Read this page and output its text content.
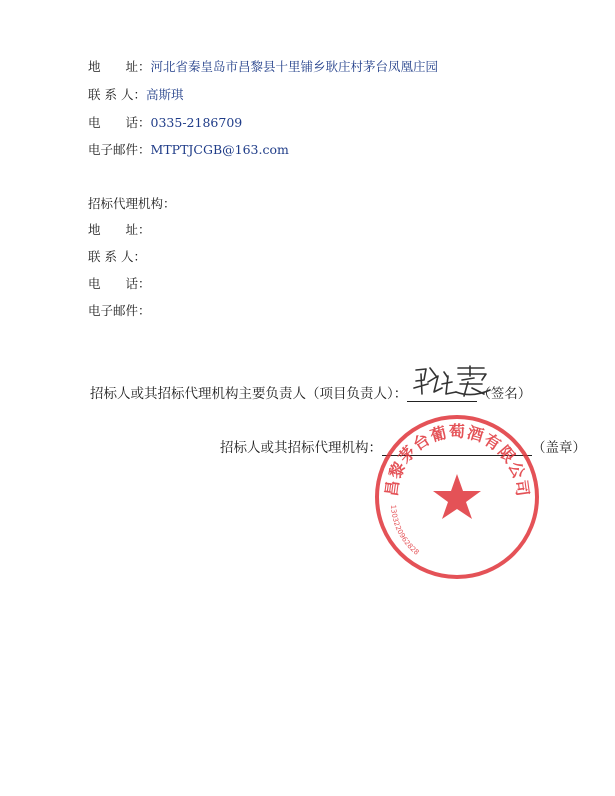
地　　址：河北省秦皇岛市昌黎县十里铺乡耿庄村茅台凤凰庄园
联 系 人：高斯琪
电　　话：0335-2186709
电子邮件：MTPTJCGB@163.com
招标代理机构：
地　　址：
联 系 人：
电　　话：
电子邮件：
招标人或其招标代理机构主要负责人（项目负责人）：	（签名）
招标人或其招标代理机构：	（盖章）
昌黎茅台葡萄酒有限公司
1303220962828
